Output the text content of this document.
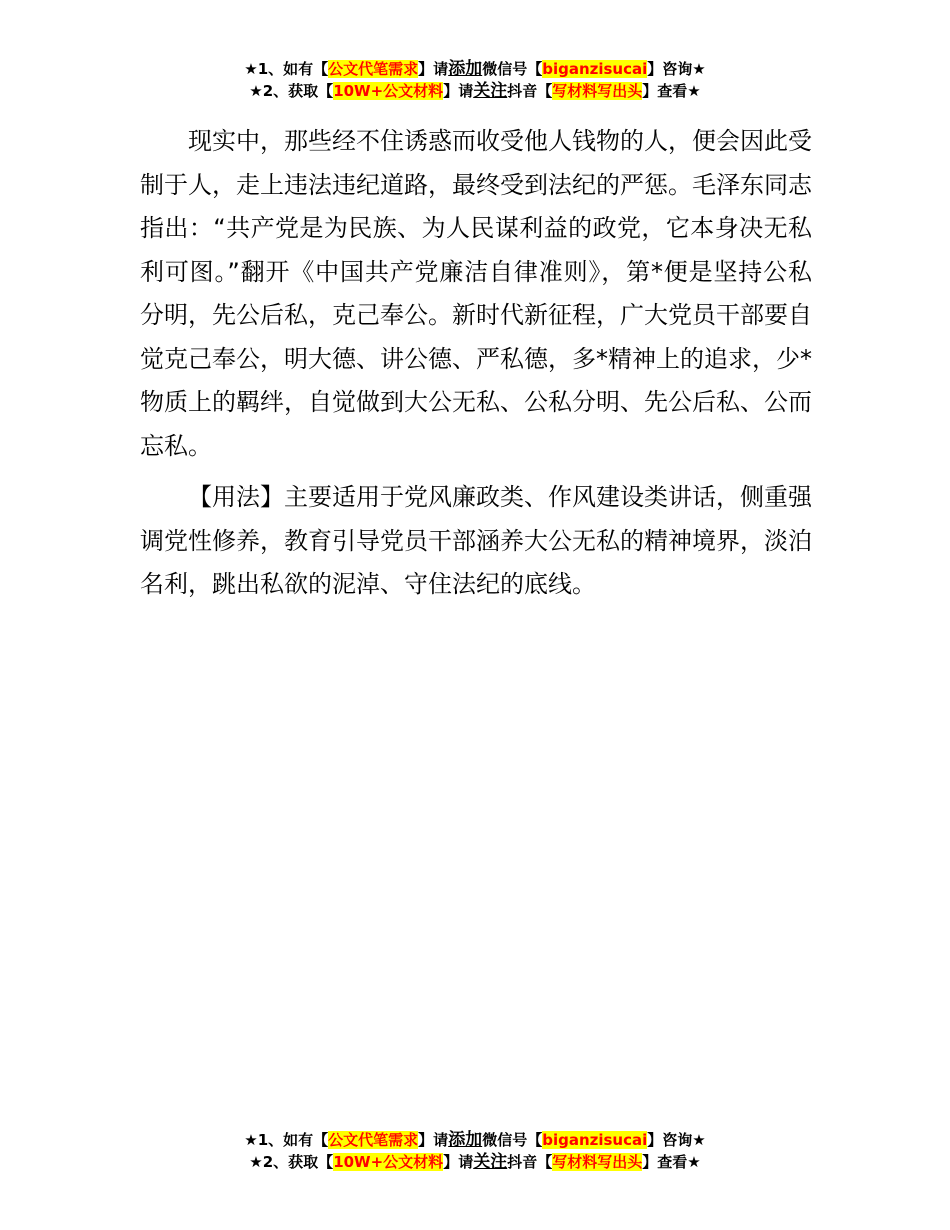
★1、如有【公文代笔需求】请添加微信号【biganzisucai】咨询★
★2、获取【10W+公文材料】请关注抖音【写材料写出头】查看★

现实中，那些经不住诱惑而收受他人钱物的人，便会因此受制于人，走上违法违纪道路，最终受到法纪的严惩。毛泽东同志指出：“共产党是为民族、为人民谋利益的政党，它本身决无私利可图。”翻开《中国共产党廉洁自律准则》，第*便是坚持公私分明，先公后私，克己奉公。新时代新征程，广大党员干部要自觉克己奉公，明大德、讲公德、严私德，多*精神上的追求，少*物质上的羁绊，自觉做到大公无私、公私分明、先公后私、公而忘私。

【用法】主要适用于党风廉政类、作风建设类讲话，侧重强调党性修养，教育引导党员干部涵养大公无私的精神境界，淡泊名利，跳出私欲的泥淖、守住法纪的底线。

★1、如有【公文代笔需求】请添加微信号【biganzisucai】咨询★
★2、获取【10W+公文材料】请关注抖音【写材料写出头】查看★
